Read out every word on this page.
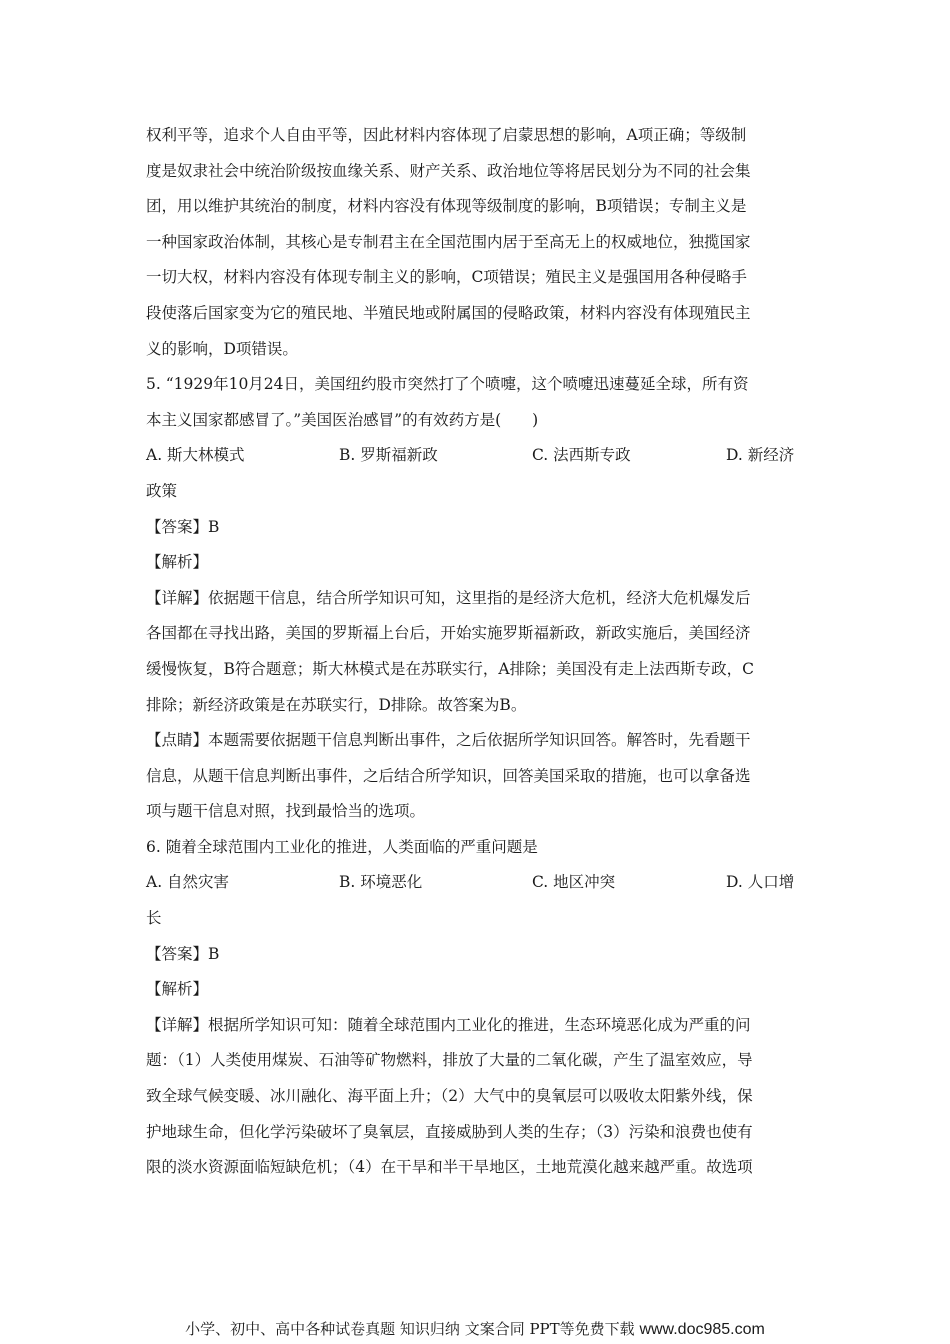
权利平等，追求个人自由平等，因此材料内容体现了启蒙思想的影响，A项正确；等级制
度是奴隶社会中统治阶级按血缘关系、财产关系、政治地位等将居民划分为不同的社会集
团，用以维护其统治的制度，材料内容没有体现等级制度的影响，B项错误；专制主义是
一种国家政治体制，其核心是专制君主在全国范围内居于至高无上的权威地位，独揽国家
一切大权，材料内容没有体现专制主义的影响，C项错误；殖民主义是强国用各种侵略手
段使落后国家变为它的殖民地、半殖民地或附属国的侵略政策，材料内容没有体现殖民主
义的影响，D项错误。
5. “1929年10月24日，美国纽约股市突然打了个喷嚏，这个喷嚏迅速蔓延全球，所有资
本主义国家都感冒了。”美国医治感冒”的有效药方是(　　)
A. 斯大林模式	B. 罗斯福新政	C. 法西斯专政	D. 新经济
政策
【答案】B
【解析】
【详解】依据题干信息，结合所学知识可知，这里指的是经济大危机，经济大危机爆发后
各国都在寻找出路，美国的罗斯福上台后，开始实施罗斯福新政，新政实施后，美国经济
缓慢恢复，B符合题意；斯大林模式是在苏联实行，A排除；美国没有走上法西斯专政，C
排除；新经济政策是在苏联实行，D排除。故答案为B。
【点睛】本题需要依据题干信息判断出事件，之后依据所学知识回答。解答时，先看题干
信息，从题干信息判断出事件，之后结合所学知识，回答美国采取的措施，也可以拿备选
项与题干信息对照，找到最恰当的选项。
6. 随着全球范围内工业化的推进，人类面临的严重问题是
A. 自然灾害	B. 环境恶化	C. 地区冲突	D. 人口增
长
【答案】B
【解析】
【详解】根据所学知识可知：随着全球范围内工业化的推进，生态环境恶化成为严重的问
题：（1）人类使用煤炭、石油等矿物燃料，排放了大量的二氧化碳，产生了温室效应，导
致全球气候变暖、冰川融化、海平面上升；（2）大气中的臭氧层可以吸收太阳紫外线，保
护地球生命，但化学污染破坏了臭氧层，直接威胁到人类的生存；（3）污染和浪费也使有
限的淡水资源面临短缺危机；（4）在干旱和半干旱地区，土地荒漠化越来越严重。故选项
小学、初中、高中各种试卷真题 知识归纳 文案合同 PPT等免费下载 www.doc985.com
